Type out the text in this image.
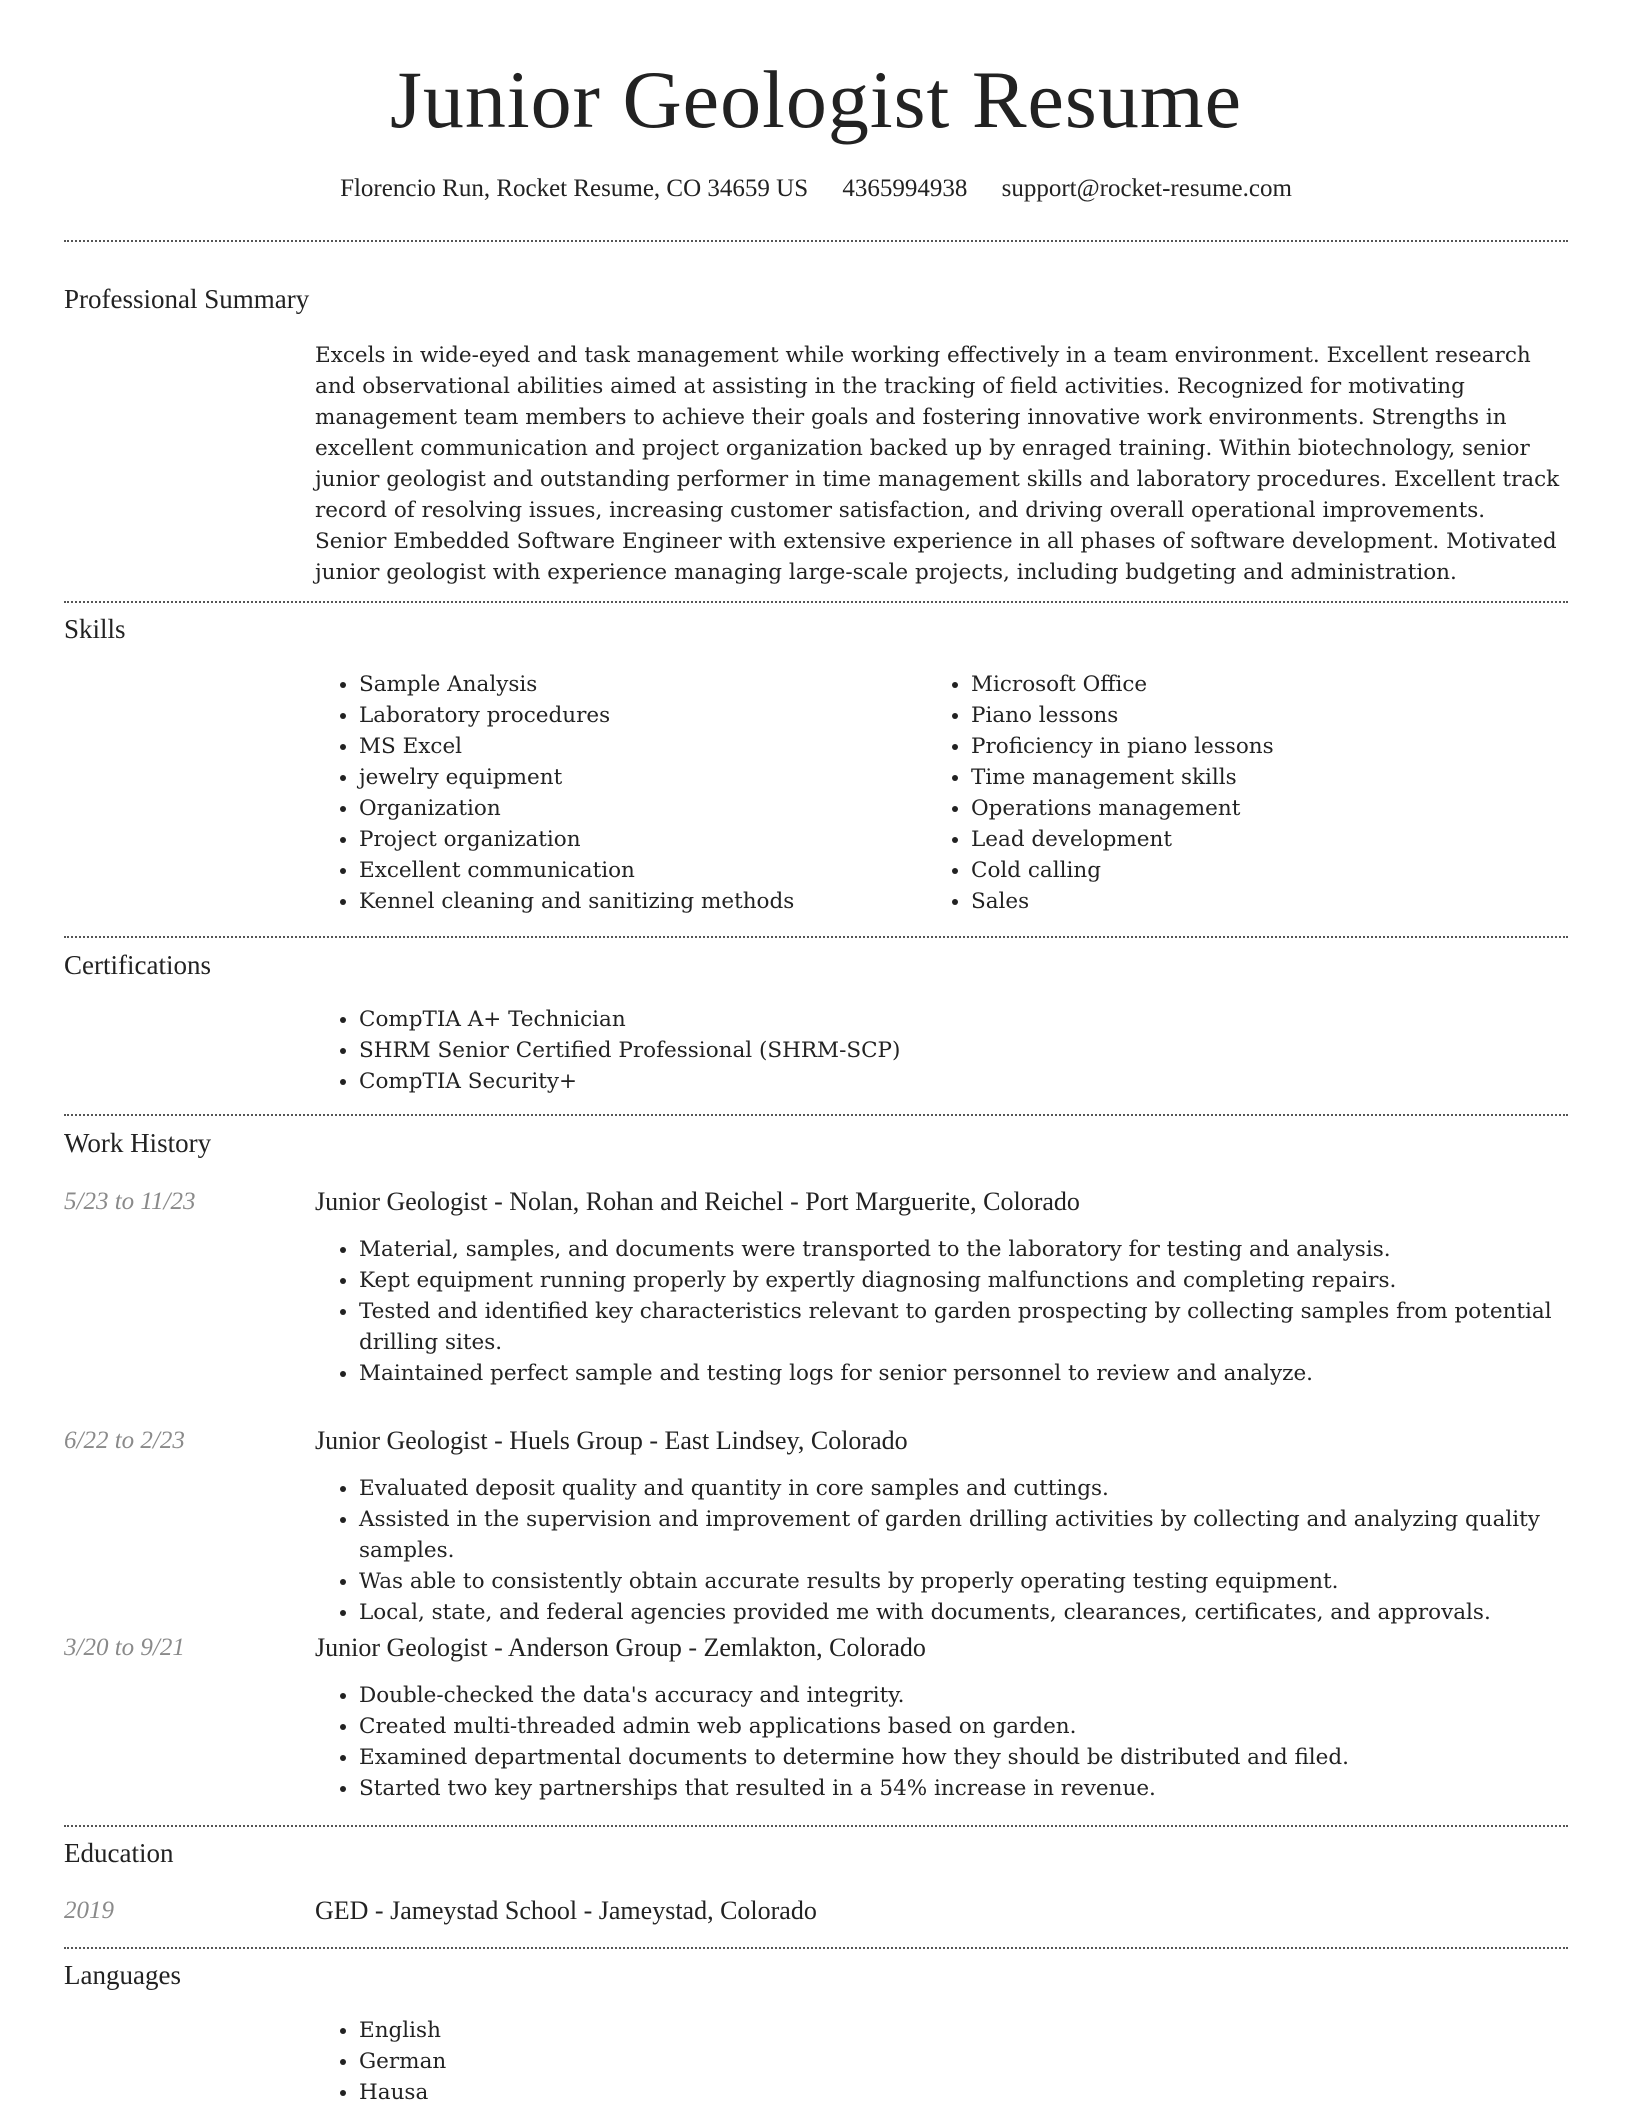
Junior Geologist Resume
Florencio Run, Rocket Resume, CO 34659 US 4365994938 support@rocket-resume.com
Professional Summary
Excels in wide-eyed and task management while working effectively in a team environment. Excellent research and observational abilities aimed at assisting in the tracking of field activities. Recognized for motivating management team members to achieve their goals and fostering innovative work environments. Strengths in excellent communication and project organization backed up by enraged training. Within biotechnology, senior junior geologist and outstanding performer in time management skills and laboratory procedures. Excellent track record of resolving issues, increasing customer satisfaction, and driving overall operational improvements. Senior Embedded Software Engineer with extensive experience in all phases of software development. Motivated junior geologist with experience managing large-scale projects, including budgeting and administration.
Skills
• Sample Analysis
• Laboratory procedures
• MS Excel
• jewelry equipment
• Organization
• Project organization
• Excellent communication
• Kennel cleaning and sanitizing methods
• Microsoft Office
• Piano lessons
• Proficiency in piano lessons
• Time management skills
• Operations management
• Lead development
• Cold calling
• Sales
Certifications
• CompTIA A+ Technician
• SHRM Senior Certified Professional (SHRM-SCP)
• CompTIA Security+
Work History
5/23 to 11/23	Junior Geologist - Nolan, Rohan and Reichel - Port Marguerite, Colorado
• Material, samples, and documents were transported to the laboratory for testing and analysis.
• Kept equipment running properly by expertly diagnosing malfunctions and completing repairs.
• Tested and identified key characteristics relevant to garden prospecting by collecting samples from potential drilling sites.
• Maintained perfect sample and testing logs for senior personnel to review and analyze.
6/22 to 2/23	Junior Geologist - Huels Group - East Lindsey, Colorado
• Evaluated deposit quality and quantity in core samples and cuttings.
• Assisted in the supervision and improvement of garden drilling activities by collecting and analyzing quality samples.
• Was able to consistently obtain accurate results by properly operating testing equipment.
• Local, state, and federal agencies provided me with documents, clearances, certificates, and approvals.
3/20 to 9/21	Junior Geologist - Anderson Group - Zemlakton, Colorado
• Double-checked the data's accuracy and integrity.
• Created multi-threaded admin web applications based on garden.
• Examined departmental documents to determine how they should be distributed and filed.
• Started two key partnerships that resulted in a 54% increase in revenue.
Education
2019	GED - Jameystad School - Jameystad, Colorado
Languages
• English
• German
• Hausa
